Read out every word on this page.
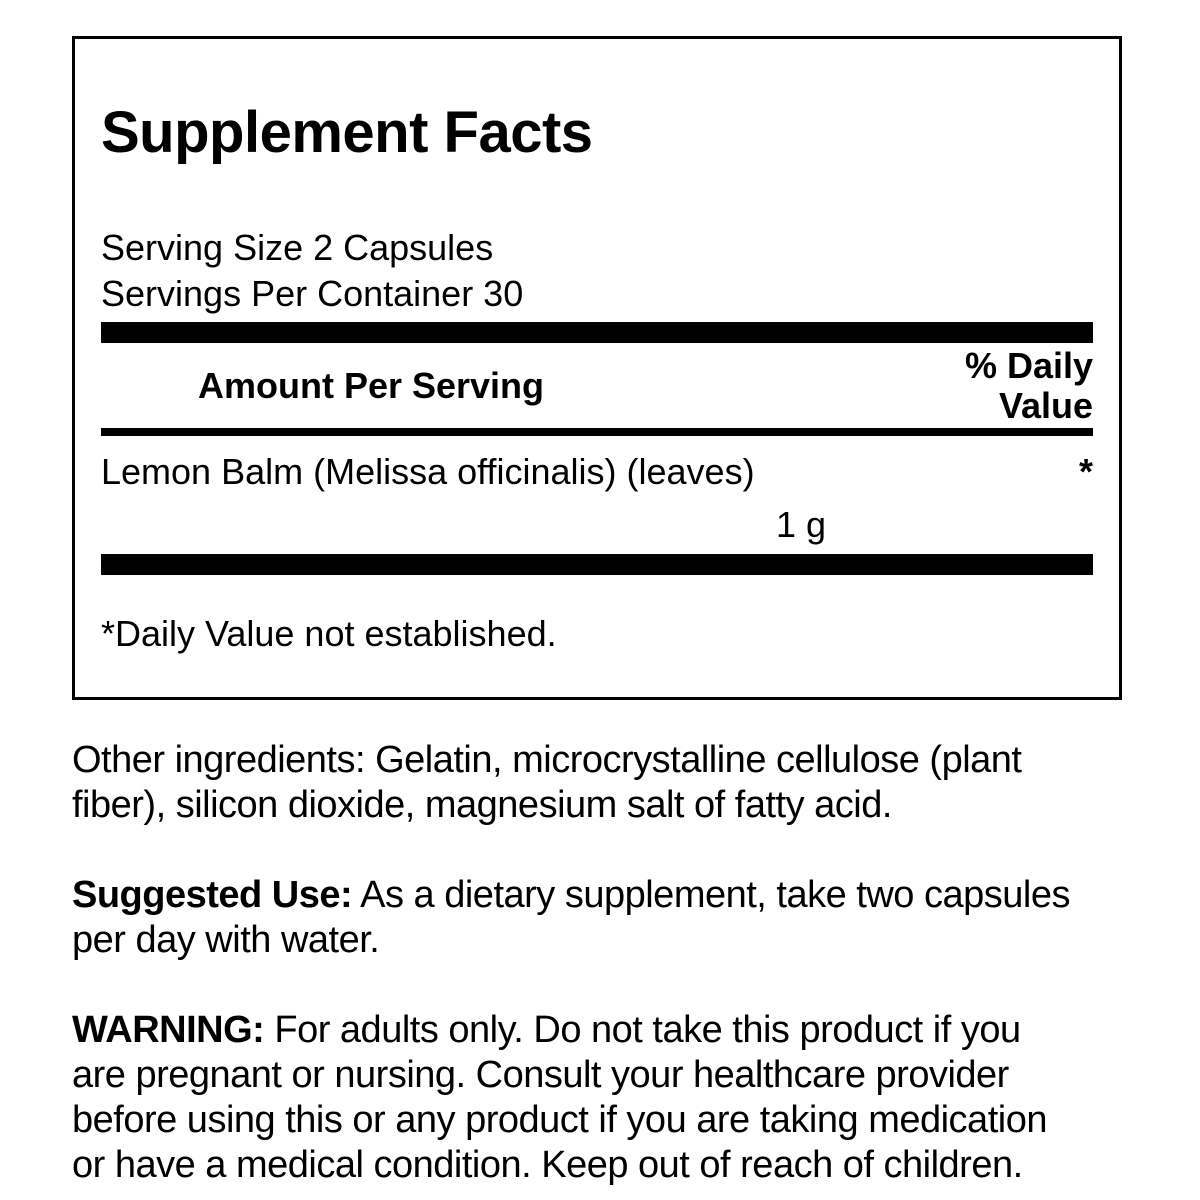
Supplement Facts
Serving Size 2 Capsules
Servings Per Container 30
Amount Per Serving	% Daily
Value
Lemon Balm (Melissa officinalis) (leaves)	*
1 g
*Daily Value not established.

Other ingredients: Gelatin, microcrystalline cellulose (plant
fiber), silicon dioxide, magnesium salt of fatty acid.

Suggested Use: As a dietary supplement, take two capsules
per day with water.

WARNING: For adults only. Do not take this product if you
are pregnant or nursing. Consult your healthcare provider
before using this or any product if you are taking medication
or have a medical condition. Keep out of reach of children.
